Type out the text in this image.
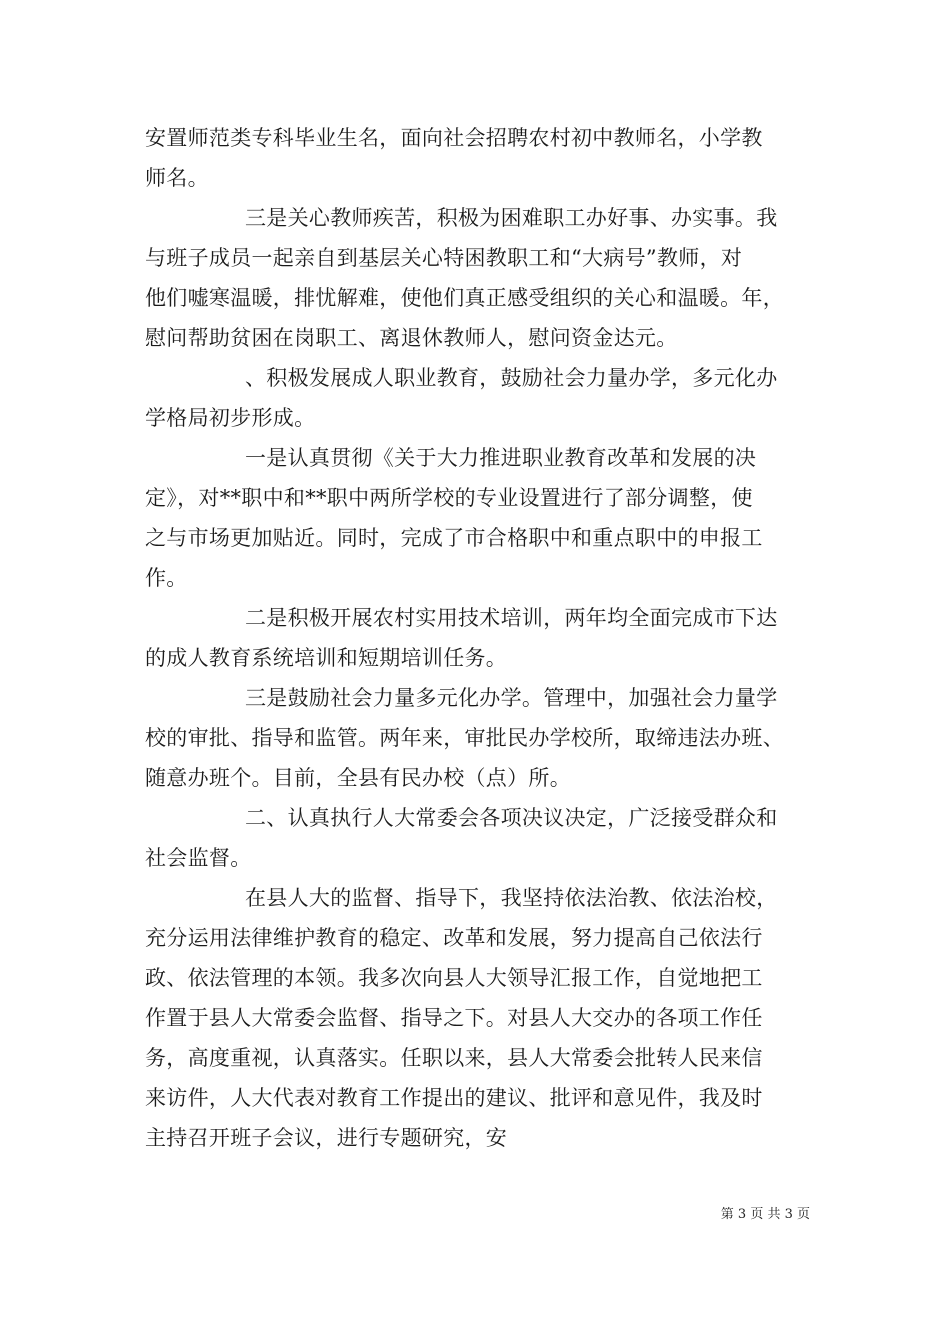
安置师范类专科毕业生名，面向社会招聘农村初中教师名，小学教
师名。
三是关心教师疾苦，积极为困难职工办好事、办实事。我
与班子成员一起亲自到基层关心特困教职工和“大病号”教师，对
他们嘘寒温暖，排忧解难，使他们真正感受组织的关心和温暖。年，
慰问帮助贫困在岗职工、离退休教师人，慰问资金达元。
、积极发展成人职业教育，鼓励社会力量办学，多元化办
学格局初步形成。
一是认真贯彻《关于大力推进职业教育改革和发展的决
定》，对**职中和**职中两所学校的专业设置进行了部分调整，使
之与市场更加贴近。同时，完成了市合格职中和重点职中的申报工
作。
二是积极开展农村实用技术培训，两年均全面完成市下达
的成人教育系统培训和短期培训任务。
三是鼓励社会力量多元化办学。管理中，加强社会力量学
校的审批、指导和监管。两年来，审批民办学校所，取缔违法办班、
随意办班个。目前，全县有民办校（点）所。
二、认真执行人大常委会各项决议决定，广泛接受群众和
社会监督。
在县人大的监督、指导下，我坚持依法治教、依法治校，
充分运用法律维护教育的稳定、改革和发展，努力提高自己依法行
政、依法管理的本领。我多次向县人大领导汇报工作，自觉地把工
作置于县人大常委会监督、指导之下。对县人大交办的各项工作任
务，高度重视，认真落实。任职以来，县人大常委会批转人民来信
来访件，人大代表对教育工作提出的建议、批评和意见件，我及时
主持召开班子会议，进行专题研究，安
第 3 页 共 3 页
